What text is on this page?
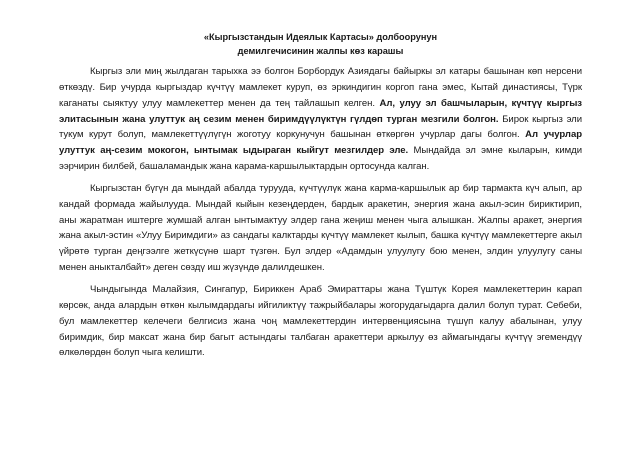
«Кыргызстандын Идеялык Картасы» долбоорунун
демилгечисинин жалпы көз карашы

Кыргыз эли миң жылдаган тарыхка ээ болгон Борбордук Азиядагы байыркы эл катары башынан көп нерсени өткөздү. Бир учурда кыргыздар күчтүү мамлекет куруп, өз эркиндигин коргоп гана эмес, Кытай династиясы, Түрк каганаты сыяктуу улуу мамлекеттер менен да тең тайлашып келген. Ал, улуу эл башчыларын, күчтүү кыргыз элитасынын жана улуттук аң сезим менен биримдүүлүктүн гүлдөп турган мезгили болгон. Бирок кыргыз эли тукум курут болуп, мамлекеттүүлүгүн жоготуу коркунучун башынан өткөргөн учурлар дагы болгон. Ал учурлар улуттук аң-сезим мокогон, ынтымак ыдыраган кыйгут мезгилдер эле. Мындайда эл эмне кыларын, кимди ээрчирин билбей, башаламандык жана карама-каршылыктардын ортосунда калган.

Кыргызстан бүгүн да мындай абалда турууда, күчтүүлүк жана карма-каршылык ар бир тармакта күч алып, ар кандай формада жайылууда. Мындай кыйын кезеңдерден, бардык аракетин, энергия жана акыл-эсин бириктирип, аны жаратман иштерге жумшай алган ынтымактуу элдер гана жеңиш менен чыга алышкан. Жалпы аракет, энергия жана акыл-эстин «Улуу Биримдиги» аз сандагы калктарды күчтүү мамлекет кылып, башка күчтүү мамлекеттерге акыл үйрөтө турган деңгээлге жеткүсүнө шарт түзгөн. Бул элдер «Адамдын улуулугу бою менен, элдин улуулугу саны менен аныкталбайт» деген сөздү иш жүзүндө далилдешкен.

Чындыгында Малайзия, Сингапур, Бириккен Араб Эмираттары жана Түштүк Корея мамлекеттерин карап көрсөк, анда алардын өткөн кылымдардагы ийгиликтүү тажрыйбалары жогорудагыдарга далил болуп турат. Себеби, бул мамлекеттер келечеги белгисиз жана чоң мамлекеттердин интервенциясына түшүп калуу абалынан, улуу биримдик, бир максат жана бир багыт астындагы талбаган аракеттери аркылуу өз аймагындагы күчтүү эгемендүү өлкөлөрдөн болуп чыга келишти.
